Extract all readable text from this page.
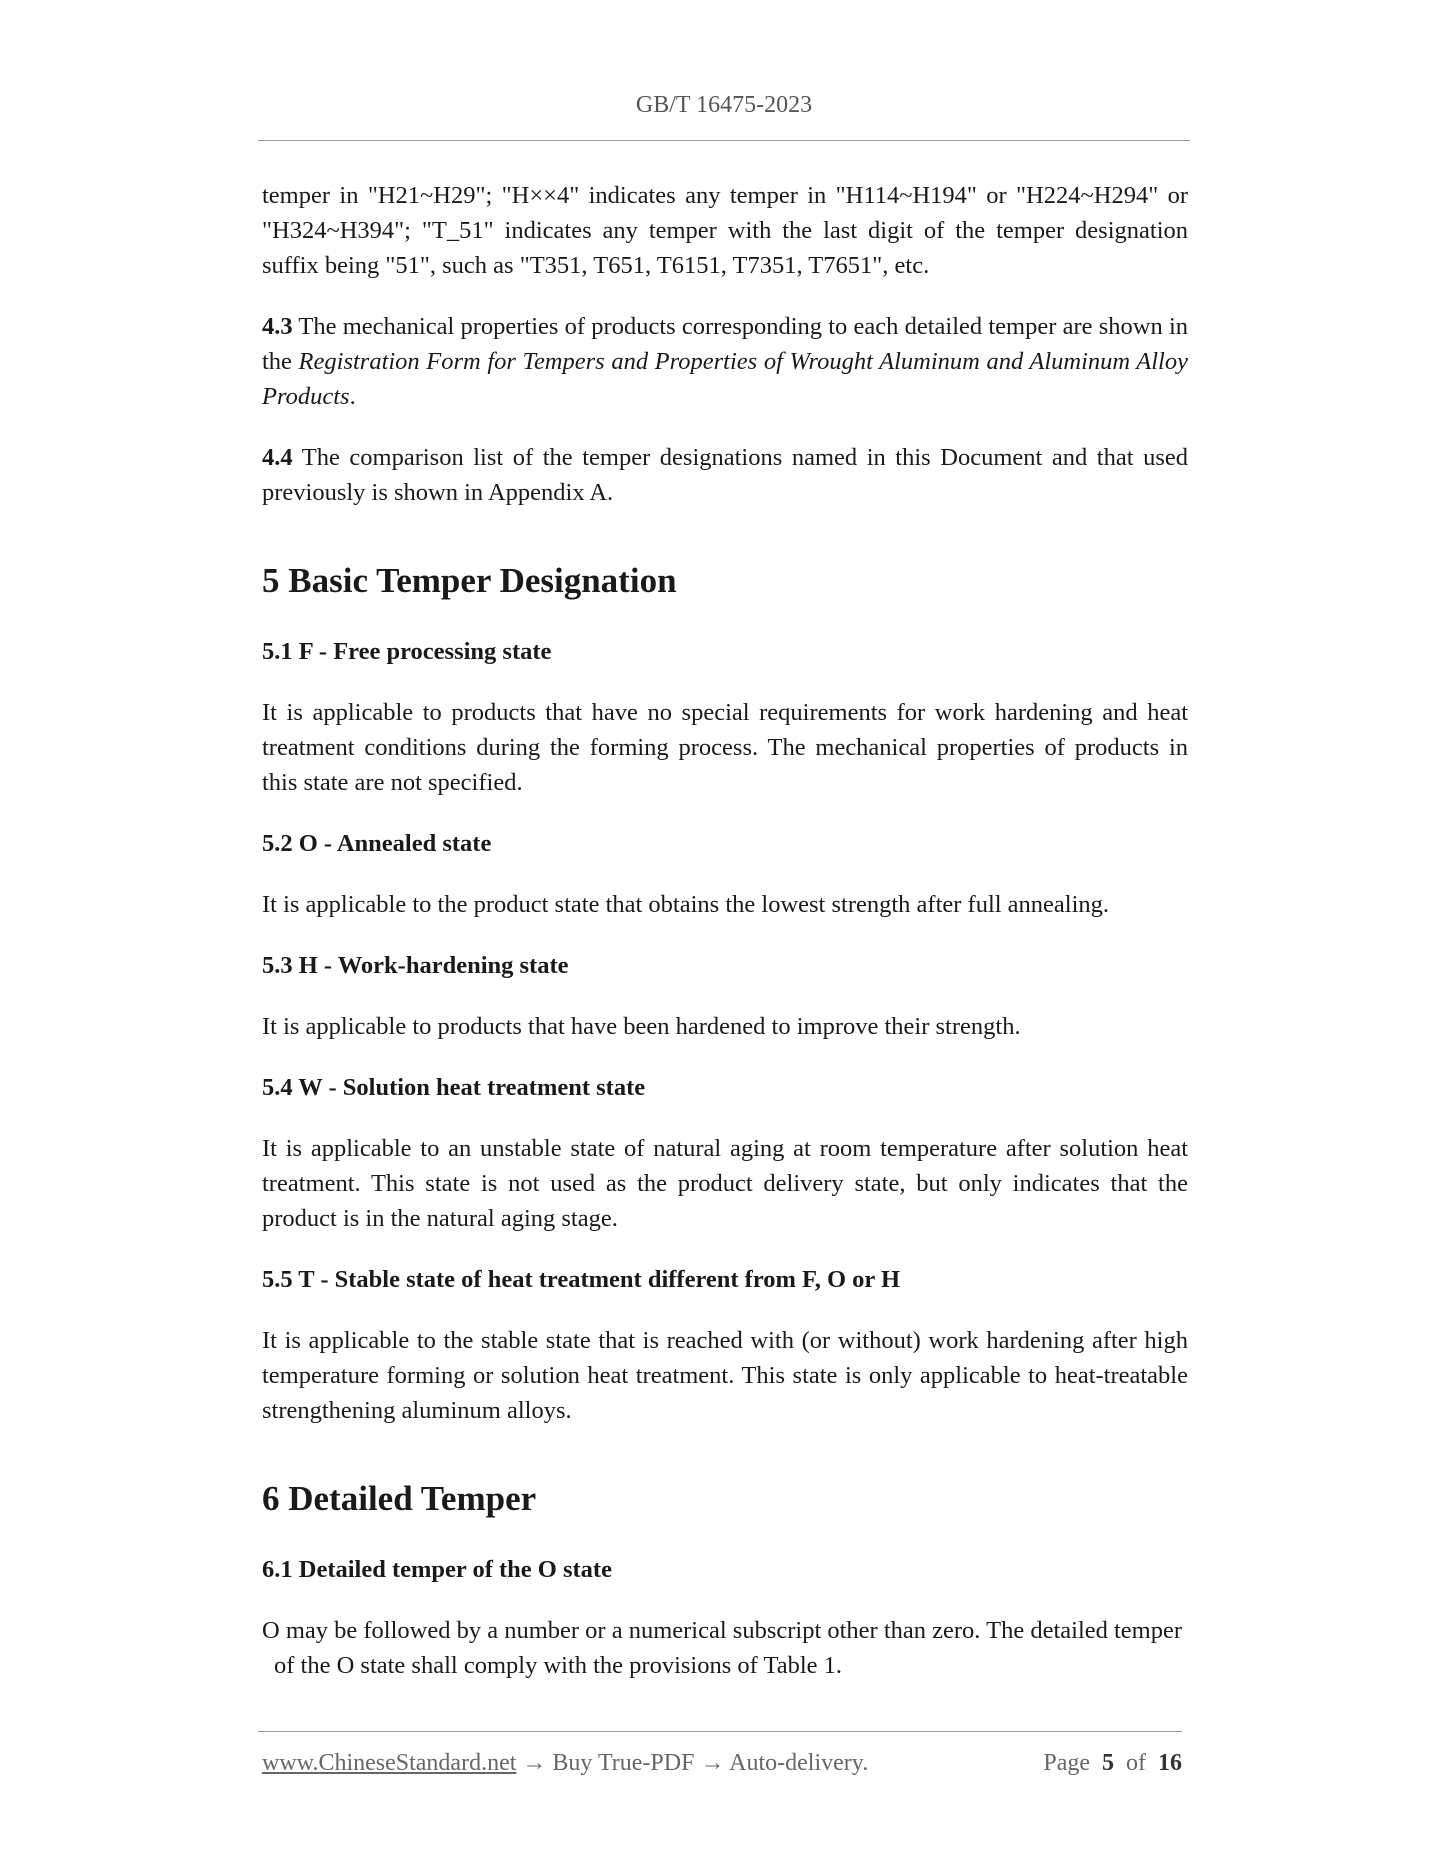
GB/T 16475-2023

temper in "H21~H29"; "H××4" indicates any temper in "H114~H194" or "H224~H294" or "H324~H394"; "T_51" indicates any temper with the last digit of the temper designation suffix being "51", such as "T351, T651, T6151, T7351, T7651", etc.

4.3 The mechanical properties of products corresponding to each detailed temper are shown in the Registration Form for Tempers and Properties of Wrought Aluminum and Aluminum Alloy Products.

4.4 The comparison list of the temper designations named in this Document and that used previously is shown in Appendix A.

5 Basic Temper Designation
5.1 F - Free processing state

It is applicable to products that have no special requirements for work hardening and heat treatment conditions during the forming process. The mechanical properties of products in this state are not specified.

5.2 O - Annealed state

It is applicable to the product state that obtains the lowest strength after full annealing.

5.3 H - Work-hardening state

It is applicable to products that have been hardened to improve their strength.

5.4 W - Solution heat treatment state

It is applicable to an unstable state of natural aging at room temperature after solution heat treatment. This state is not used as the product delivery state, but only indicates that the product is in the natural aging stage.

5.5 T - Stable state of heat treatment different from F, O or H

It is applicable to the stable state that is reached with (or without) work hardening after high temperature forming or solution heat treatment. This state is only applicable to heat-treatable strengthening aluminum alloys.

6 Detailed Temper
6.1 Detailed temper of the O state
O may be followed by a number or a numerical subscript other than zero. The detailed temper
of the O state shall comply with the provisions of Table 1.
www.ChineseStandard.net → Buy True-PDF → Auto-delivery.	Page 5 of 16
